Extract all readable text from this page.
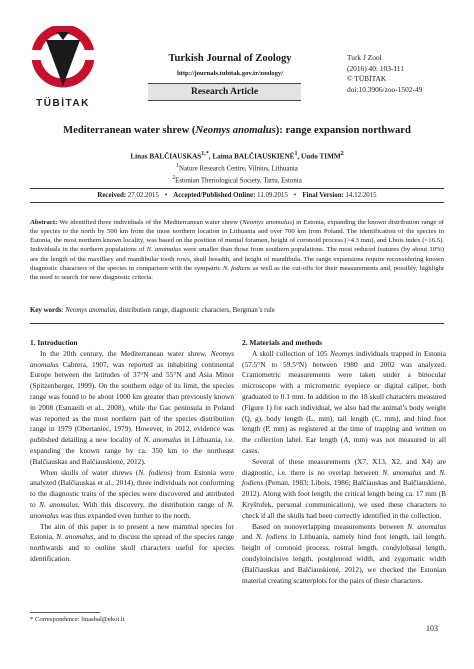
TÜBİTAK
Turkish Journal of Zoology
http://journals.tubitak.gov.tr/zoology/
Research Article
Turk J Zool
(2016) 40: 103-111
© TÜBİTAK
doi:10.3906/zoo-1502-49
Mediterranean water shrew (Neomys anomalus): range expansion northward
Linas $BALČIAUSKAS^{1,*}$, Laima BALČIAUSKIENĖ$^1$, Uudo TIMM$^2$
$^1$Nature Research Centre, Vilnius, Lithuania
$^2$Estonian Theriological Society, Tartu, Estonia
Received: 27.02.2015 • Accepted/Published Online: 11.09.2015 • Final Version: 14.12.2015
Abstract: We identified three individuals of the Mediterranean water shrew (Neomys anomalus) in Estonia, expanding the known distribution range of the species to the north by 500 km from the most northern location in Lithuania and over 700 km from Poland. The identification of the species in Estonia, the most northern known locality, was based on the position of mental foramen, height of coronoid process (>4.3 mm), and Lbois index (<16.5). Individuals in the northern populations of N. anomalus were smaller than those from southern populations. The most reduced features (by about 10%) are the length of the maxillary and mandibular tooth rows, skull breadth, and height of mandibula. The range expansions require reconsidering known diagnostic characters of the species in comparison with the sympatric N. fodiens as well as the cut-offs for their measurements and, possibly, highlight the need to search for new diagnostic criteria.
Key words: Neomys anomalus, distribution range, diagnostic characters, Bergman’s rule
1. Introduction

In the 20th century, the Mediterranean water shrew, Neomys anomalus Cabrera, 1907, was reported as inhabiting continental Europe between the latitudes of 37°N and 55°N and Asia Minor (Spitzenberger, 1999). On the southern edge of its limit, the species range was found to be about 1000 km greater than previously known in 2008 (Esmaeili et al., 2008), while the Gac peninsula in Poland was reported as the most northern part of the species distribution range in 1979 (Obertaniec, 1979). However, in 2012, evidence was published detailing a new locality of N. anomalus in Lithuania, i.e. expanding the known range by ca. 350 km to the northeast (Balčiauskas and Balčiauskienė, 2012).

When skulls of water shrews (N. fodiens) from Estonia were analyzed (Balčiauskas et al., 2014), three individuals not conforming to the diagnostic traits of the species were discovered and attributed to N. anomalus. With this discovery, the distribution range of N. anomalus was thus expanded even further to the north.

The aim of this paper is to present a new mammal species for Estonia, N. anomalus, and to discuss the spread of the species range northwards and to outline skull characters useful for species identification.

2. Materials and methods

A skull collection of 105 Neomys individuals trapped in Estonia (57.5°N to 59.5°N) between 1980 and 2002 was analyzed. Craniometric measurements were taken under a binocular microscope with a micrometric eyepiece or digital caliper, both graduated to 0.1 mm. In addition to the 18 skull characters measured (Figure 1) for each individual, we also had the animal’s body weight (Q, g), body length (L, mm), tail length (C, mm), and hind foot length (P, mm) as registered at the time of trapping and written on the collection label. Ear length (A, mm) was not measured in all cases.

Several of these measurements (X7, X13, X2, and X4) are diagnostic, i.e. there is no overlap between N. anomalus and N. fodiens (Peman, 1983; Libois, 1986; Balčiauskas and Balčiauskienė, 2012). Along with foot length, the critical length being ca. 17 mm (B Kryštufek, personal communication), we used these characters to check if all the skulls had been correctly identified in the collection.

Based on nonoverlapping measurements between N. anomalus and N. fodiens in Lithuania, namely hind foot length, tail length, height of coronoid process, rostral length, condylobasal length, condyloincisive length, postglenoid width, and zygomatic width (Balčiauskas and Balčiauskienė, 2012), we checked the Estonian material creating scatterplots for the pairs of these characters.

* Correspondence: linasbal@ekoi.lt
103
